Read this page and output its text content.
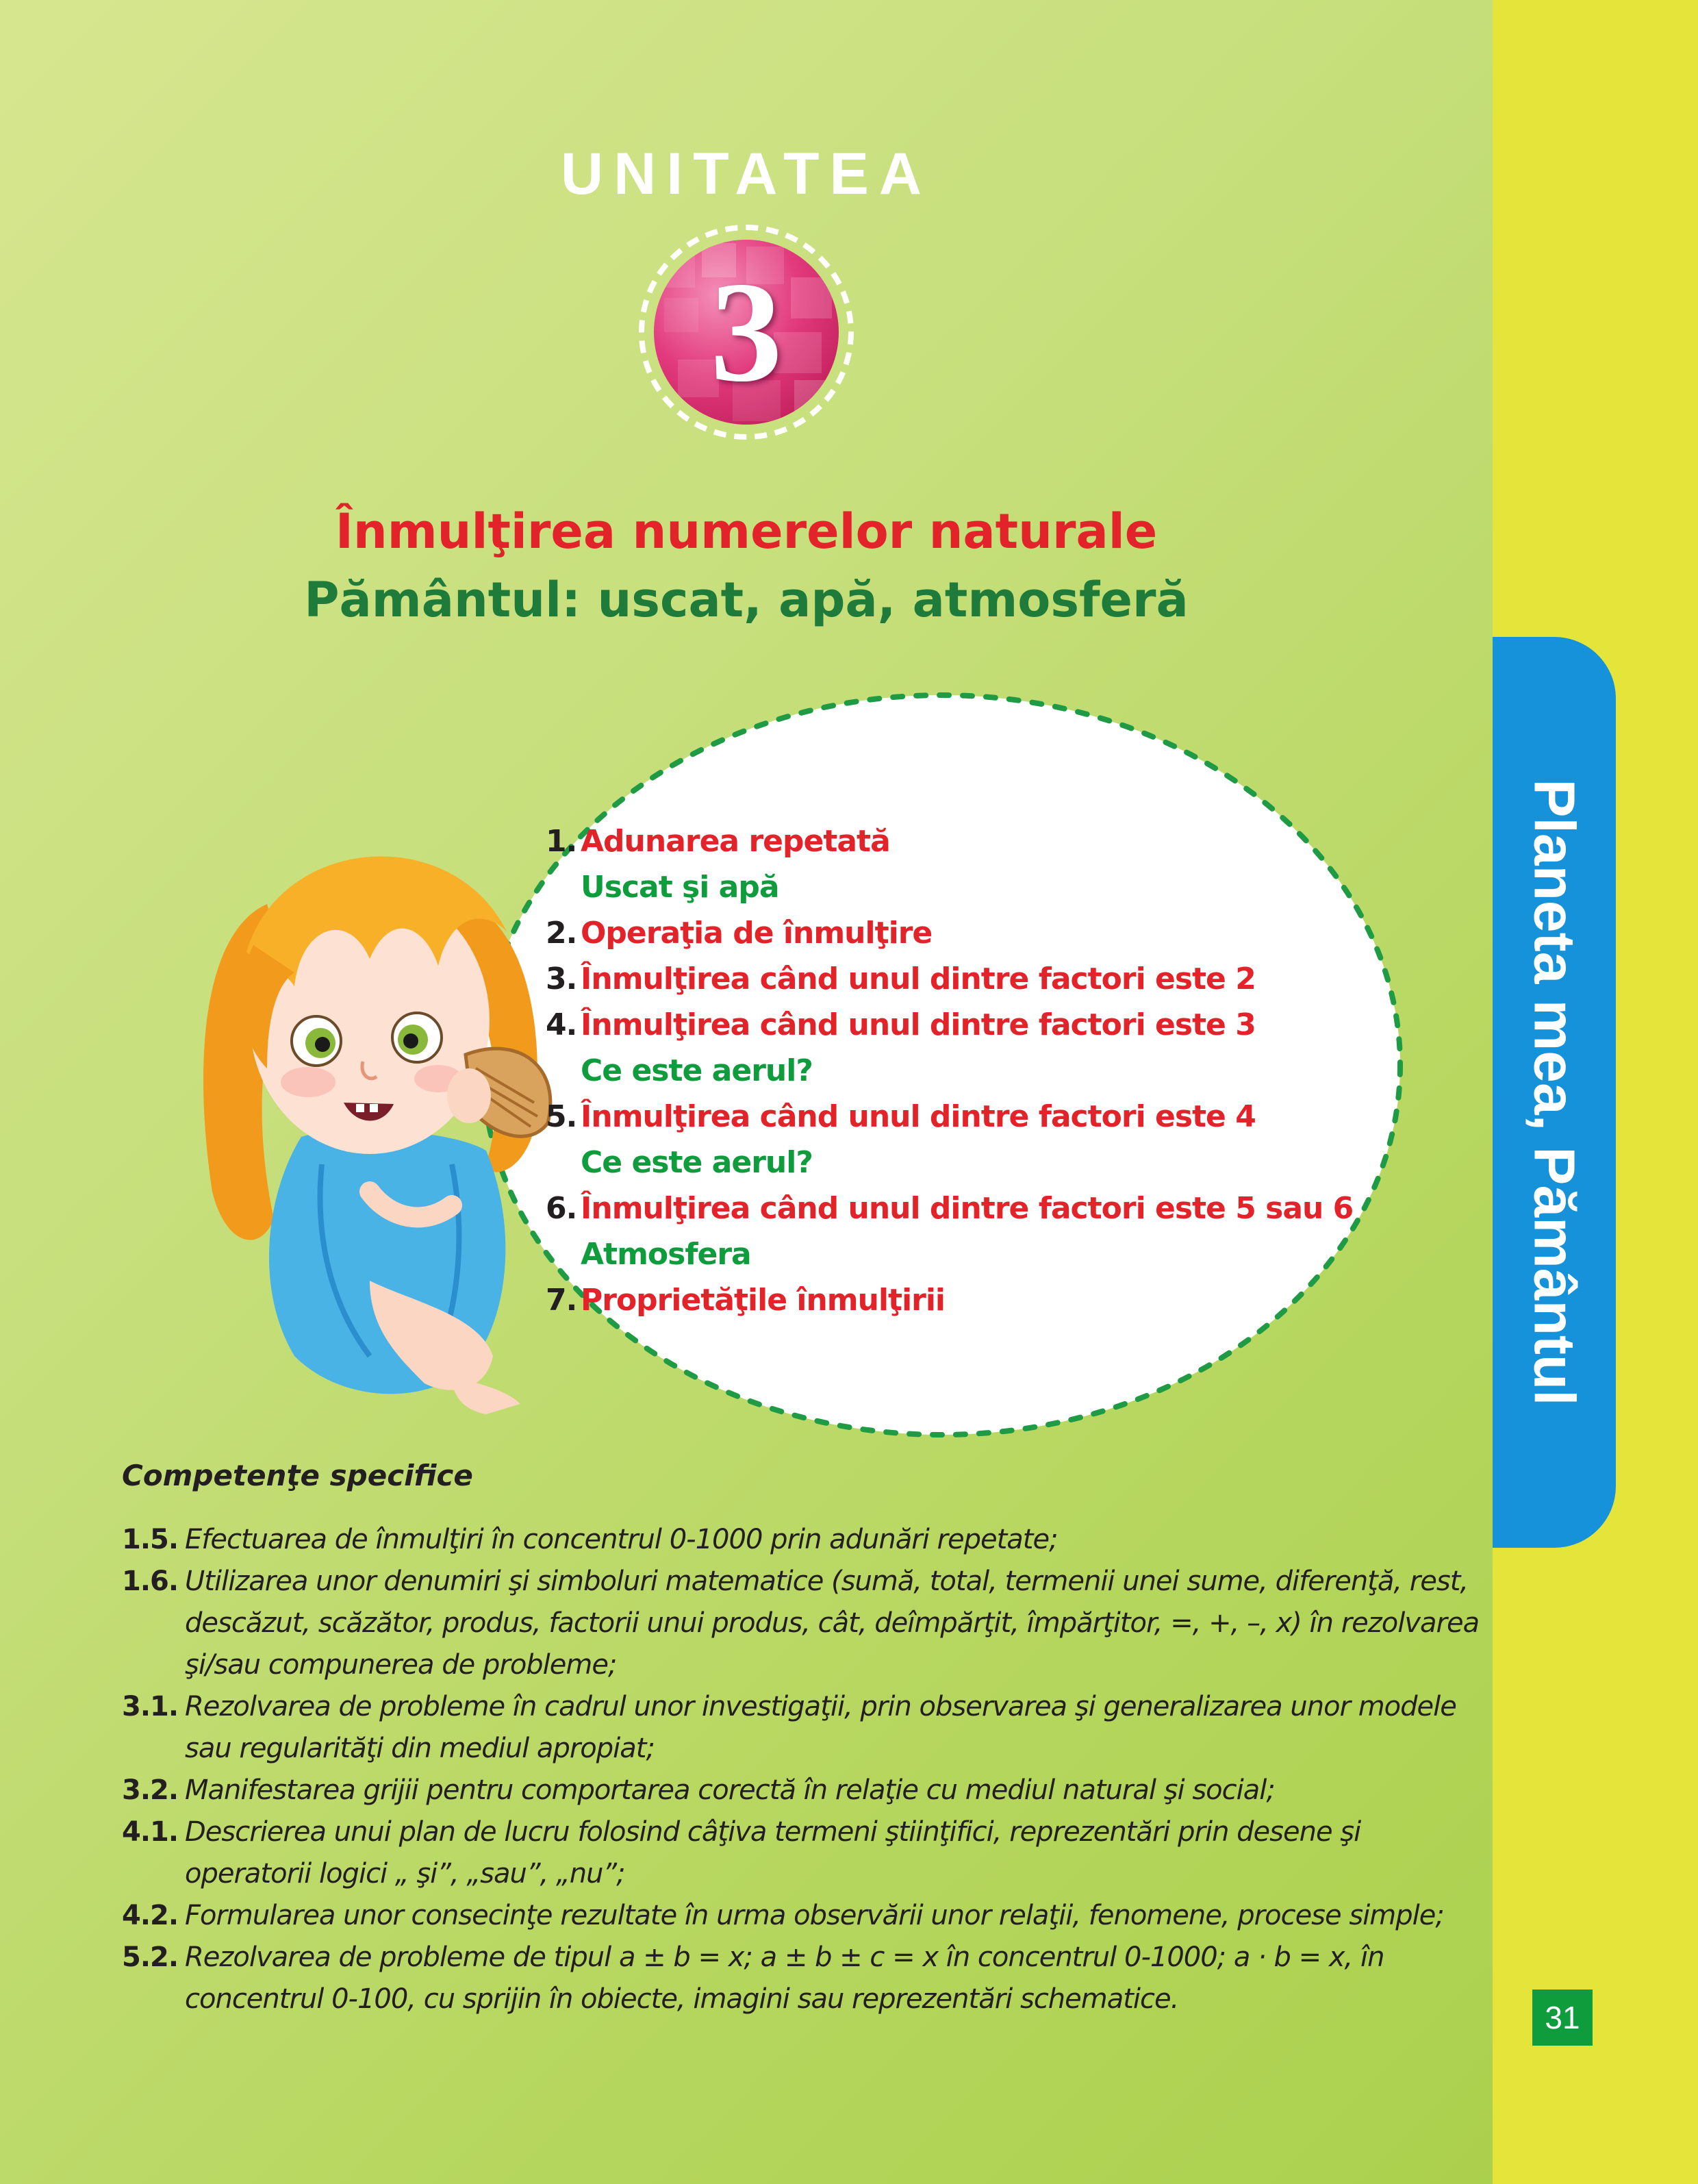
Planeta mea, Pământul
UNITATEA
3
Înmulţirea numerelor naturale
Pământul: uscat, apă, atmosferă
1. Adunarea repetată
Uscat şi apă
2. Operaţia de înmulţire
3. Înmulţirea când unul dintre factori este 2
4. Înmulţirea când unul dintre factori este 3
Ce este aerul?
5. Înmulţirea când unul dintre factori este 4
Ce este aerul?
6. Înmulţirea când unul dintre factori este 5 sau 6
Atmosfera
7. Proprietăţile înmulţirii
Competenţe specifice
1.5. Efectuarea de înmulţiri în concentrul 0-1000 prin adunări repetate;
1.6. Utilizarea unor denumiri şi simboluri matematice (sumă, total, termenii unei sume, diferenţă, rest, descăzut, scăzător, produs, factorii unui produs, cât, deîmpărţit, împărţitor, =, +, –, x) în rezolvarea şi/sau compunerea de probleme;
3.1. Rezolvarea de probleme în cadrul unor investigaţii, prin observarea şi generalizarea unor modele sau regularităţi din mediul apropiat;
3.2. Manifestarea grijii pentru comportarea corectă în relaţie cu mediul natural şi social;
4.1. Descrierea unui plan de lucru folosind câţiva termeni ştiinţifici, reprezentări prin desene şi operatorii logici „ şi”, „sau”, „nu”;
4.2. Formularea unor consecinţe rezultate în urma observării unor relaţii, fenomene, procese simple;
5.2. Rezolvarea de probleme de tipul a ± b = x; a ± b ± c = x în concentrul 0-1000; a · b = x, în concentrul 0-100, cu sprijin în obiecte, imagini sau reprezentări schematice.
31
